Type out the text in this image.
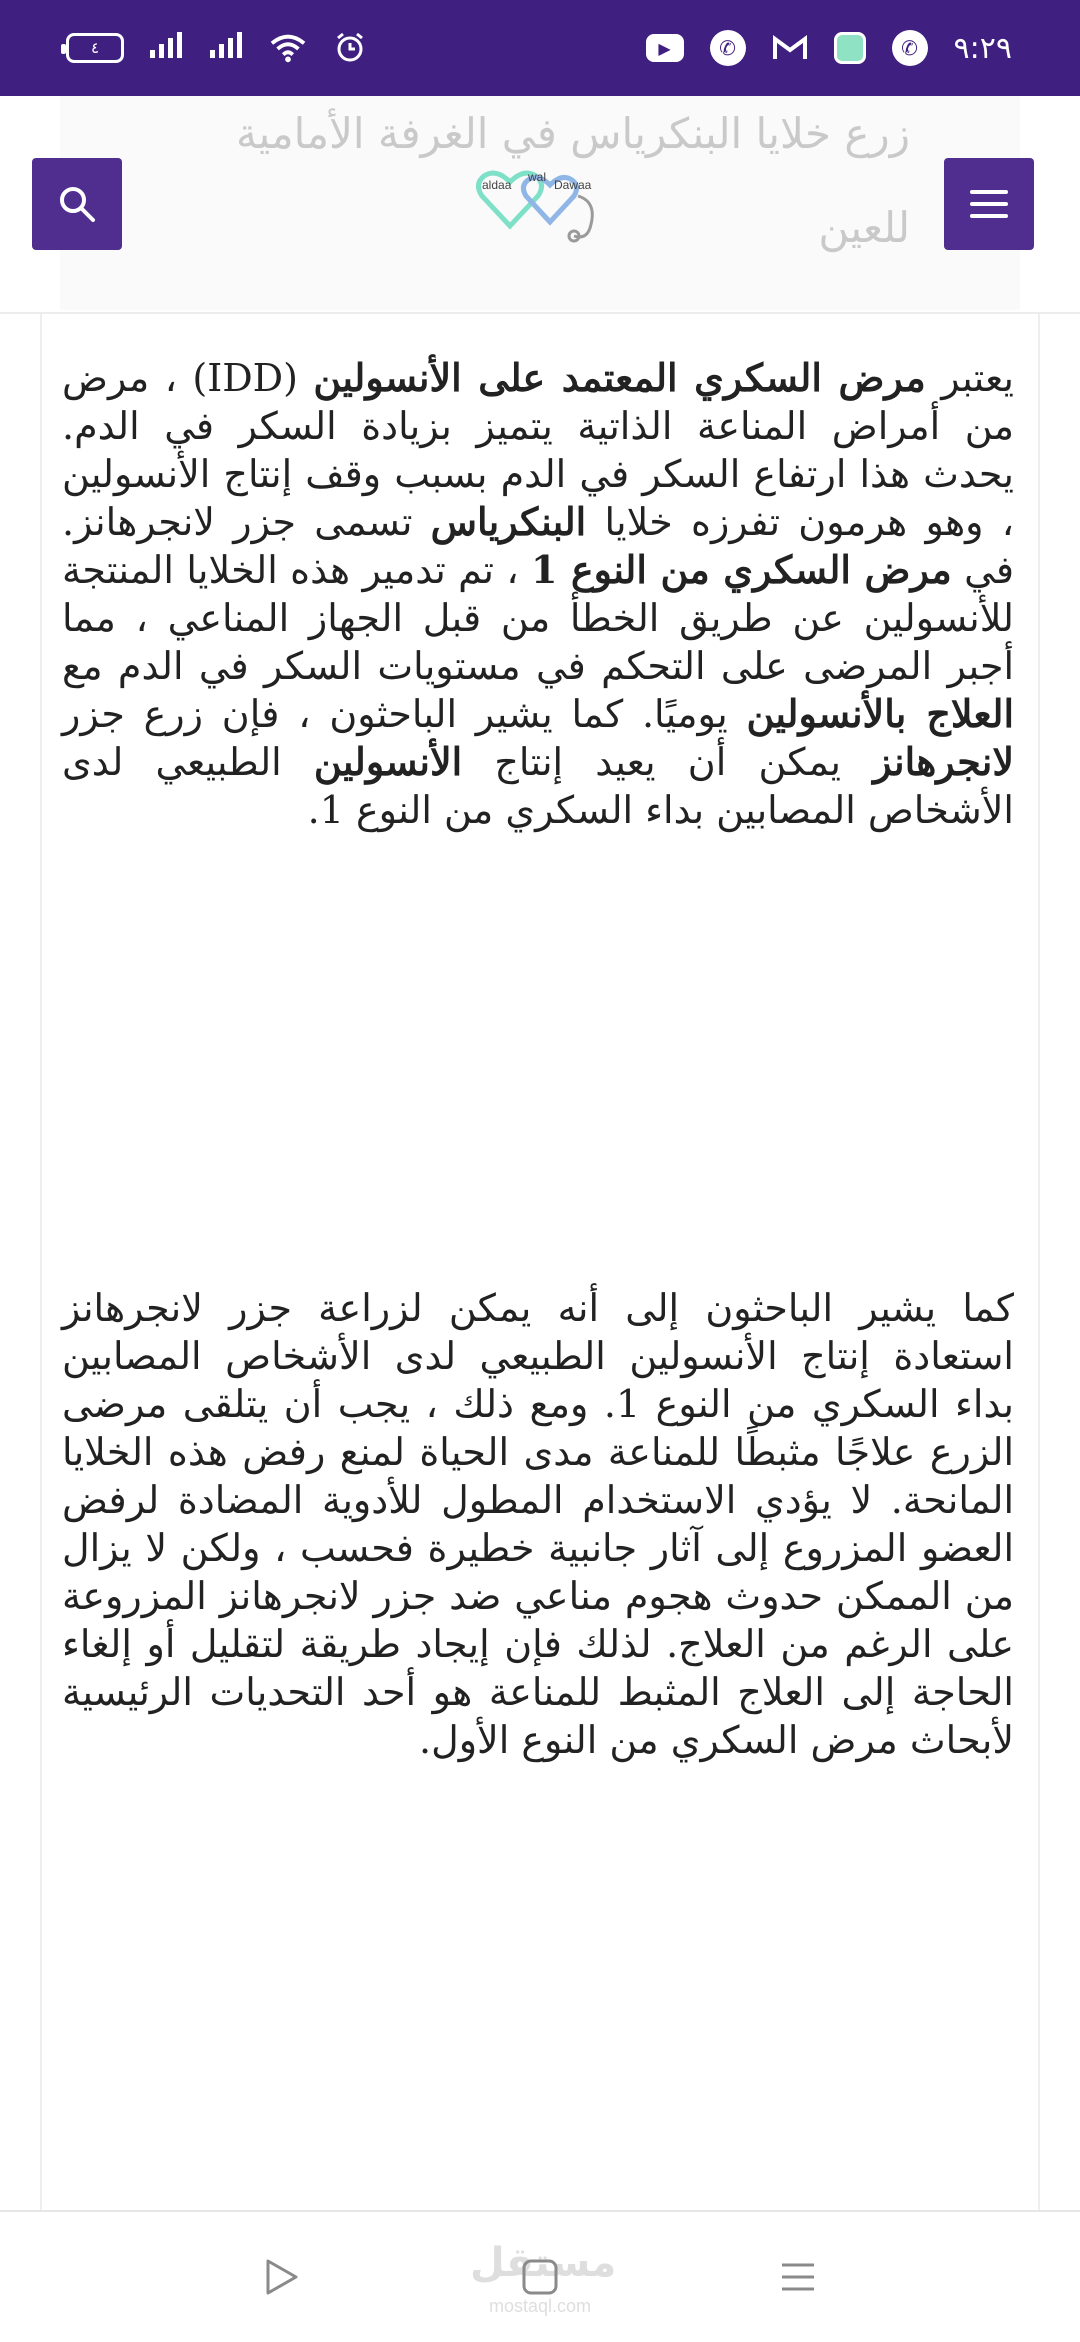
٤	▶	✆	✆	٩:٢٩
زرع خلايا البنكرياس في الغرفة الأمامية
للعين
aldaa
wal
Dawaa

يعتبر مرض السكري المعتمد على الأنسولين (IDD) ، مرض من أمراض المناعة الذاتية يتميز بزيادة السكر في الدم. يحدث هذا ارتفاع السكر في الدم بسبب وقف إنتاج الأنسولين ، وهو هرمون تفرزه خلايا البنكرياس تسمى جزر لانجرهانز. في مرض السكري من النوع 1 ، تم تدمير هذه الخلايا المنتجة للأنسولين عن طريق الخطأ من قبل الجهاز المناعي ، مما أجبر المرضى على التحكم في مستويات السكر في الدم مع العلاج بالأنسولين يوميًا. كما يشير الباحثون ، فإن زرع جزر لانجرهانز يمكن أن يعيد إنتاج الأنسولين الطبيعي لدى الأشخاص المصابين بداء السكري من النوع 1.

كما يشير الباحثون إلى أنه يمكن لزراعة جزر لانجرهانز استعادة إنتاج الأنسولين الطبيعي لدى الأشخاص المصابين بداء السكري من النوع 1. ومع ذلك ، يجب أن يتلقى مرضى الزرع علاجًا مثبطًا للمناعة مدى الحياة لمنع رفض هذه الخلايا المانحة. لا يؤدي الاستخدام المطول للأدوية المضادة لرفض العضو المزروع إلى آثار جانبية خطيرة فحسب ، ولكن لا يزال من الممكن حدوث هجوم مناعي ضد جزر لانجرهانز المزروعة على الرغم من العلاج. لذلك فإن إيجاد طريقة لتقليل أو إلغاء الحاجة إلى العلاج المثبط للمناعة هو أحد التحديات الرئيسية لأبحاث مرض السكري من النوع الأول.

مستقل
mostaql.com
